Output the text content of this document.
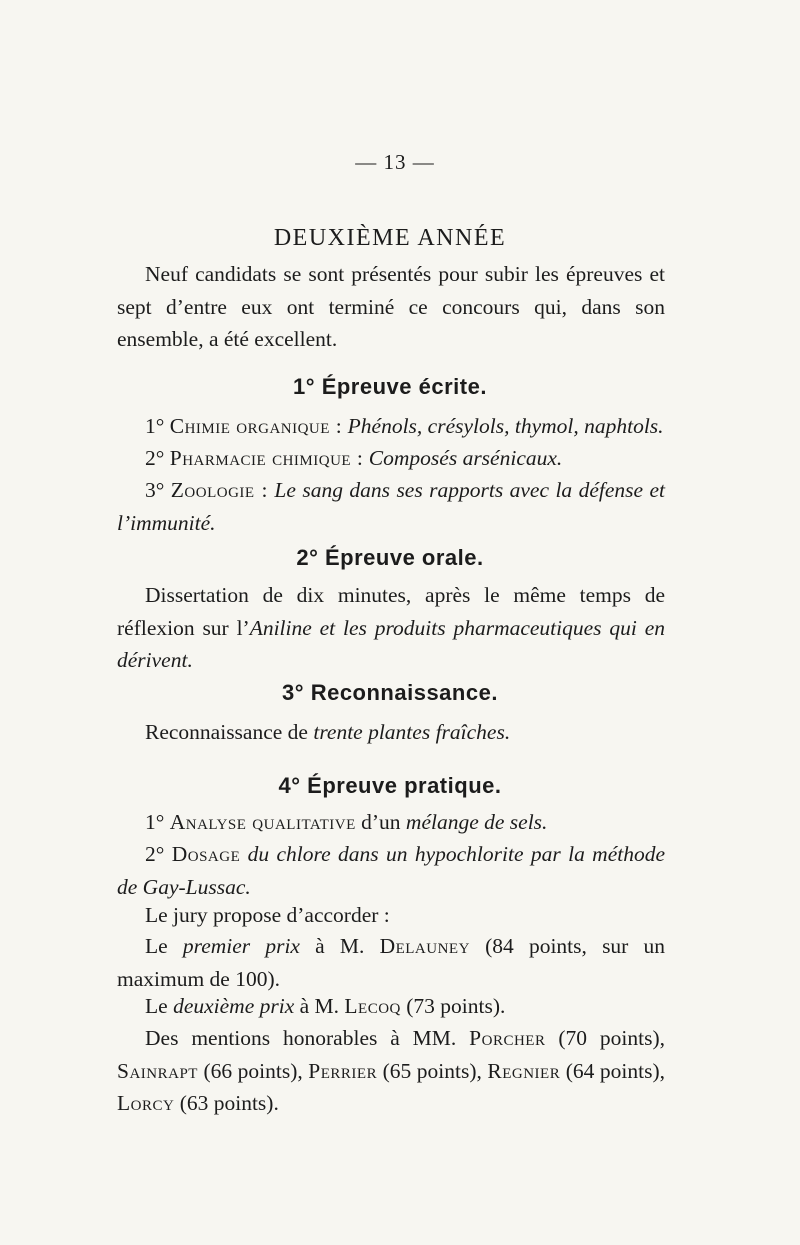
— 13 —
DEUXIÈME ANNÉE

Neuf candidats se sont présentés pour subir les épreuves et sept d’entre eux ont terminé ce concours qui, dans son ensemble, a été excellent.

1° Épreuve écrite.

1° Chimie organique : Phénols, crésylols, thymol, naphtols.

2° Pharmacie chimique : Composés arsénicaux.

3° Zoologie : Le sang dans ses rapports avec la défense et l’immunité.

2° Épreuve orale.

Dissertation de dix minutes, après le même temps de réflexion sur l’Aniline et les produits pharmaceutiques qui en dérivent.

3° Reconnaissance.

Reconnaissance de trente plantes fraîches.

4° Épreuve pratique.

1° Analyse qualitative d’un mélange de sels.

2° Dosage du chlore dans un hypochlorite par la méthode de Gay-Lussac.

Le jury propose d’accorder :

Le premier prix à M. Delauney (84 points, sur un maximum de 100).

Le deuxième prix à M. Lecoq (73 points).

Des mentions honorables à MM. Porcher (70 points), Sainrapt (66 points), Perrier (65 points), Regnier (64 points), Lorcy (63 points).
